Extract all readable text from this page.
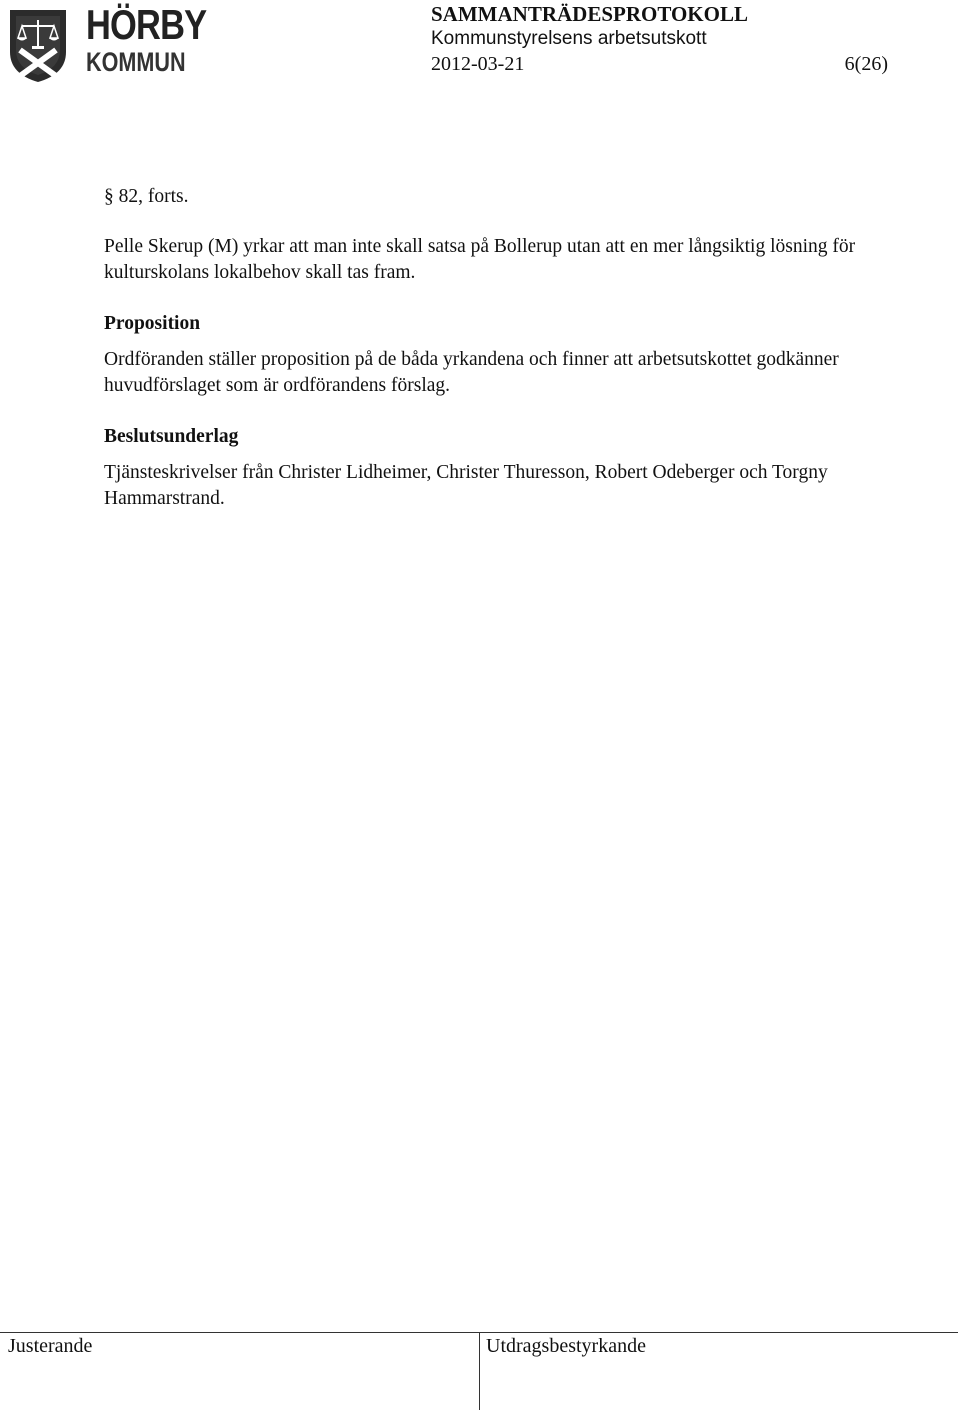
HÖRBY
KOMMUN
SAMMANTRÄDESPROTOKOLL
Kommunstyrelsens arbetsutskott
2012-03-21	6(26)
§ 82, forts.
Pelle Skerup (M) yrkar att man inte skall satsa på Bollerup utan att en mer långsiktig lösning för kulturskolans lokalbehov skall tas fram.
Proposition
Ordföranden ställer proposition på de båda yrkandena och finner att arbetsutskottet godkänner huvudförslaget som är ordförandens förslag.
Beslutsunderlag
Tjänsteskrivelser från Christer Lidheimer, Christer Thuresson, Robert Odeberger och Torgny Hammarstrand.
Justerande	Utdragsbestyrkande
